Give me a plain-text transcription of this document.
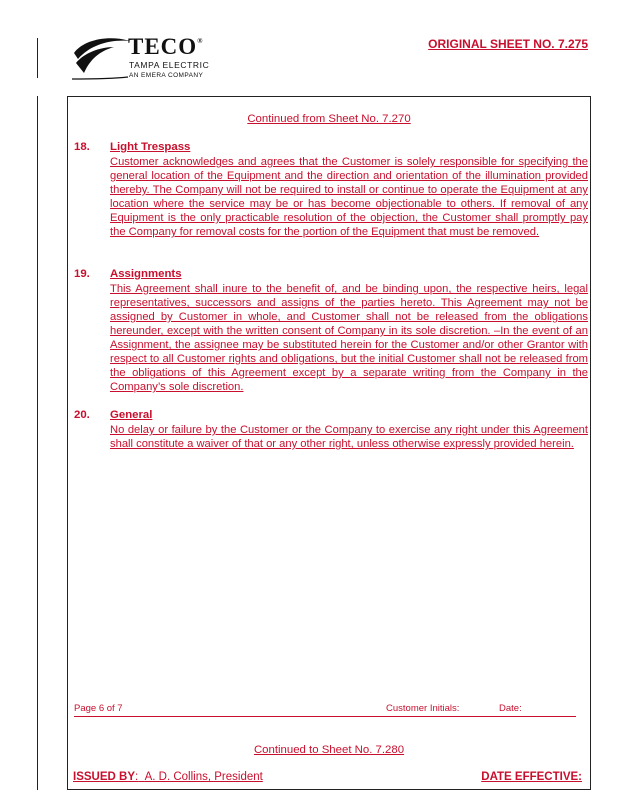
TECO®
TAMPA ELECTRIC
AN EMERA COMPANY
ORIGINAL SHEET NO. 7.275
Continued from Sheet No. 7.270
18. Light Trespass
Customer acknowledges and agrees that the Customer is solely responsible for specifying the general location of the Equipment and the direction and orientation of the illumination provided thereby. The Company will not be required to install or continue to operate the Equipment at any location where the service may be or has become objectionable to others. If removal of any Equipment is the only practicable resolution of the objection, the Customer shall promptly pay the Company for removal costs for the portion of the Equipment that must be removed.
19. Assignments
This Agreement shall inure to the benefit of, and be binding upon, the respective heirs, legal representatives, successors and assigns of the parties hereto. This Agreement may not be assigned by Customer in whole, and Customer shall not be released from the obligations hereunder, except with the written consent of Company in its sole discretion. –In the event of an Assignment, the assignee may be substituted herein for the Customer and/or other Grantor with respect to all Customer rights and obligations, but the initial Customer shall not be released from the obligations of this Agreement except by a separate writing from the Company in the Company’s sole discretion.
20. General
No delay or failure by the Customer or the Company to exercise any right under this Agreement shall constitute a waiver of that or any other right, unless otherwise expressly provided herein.
Page 6 of 7	Customer Initials:	Date:
Continued to Sheet No. 7.280
ISSUED BY: A. D. Collins, President	DATE EFFECTIVE:
